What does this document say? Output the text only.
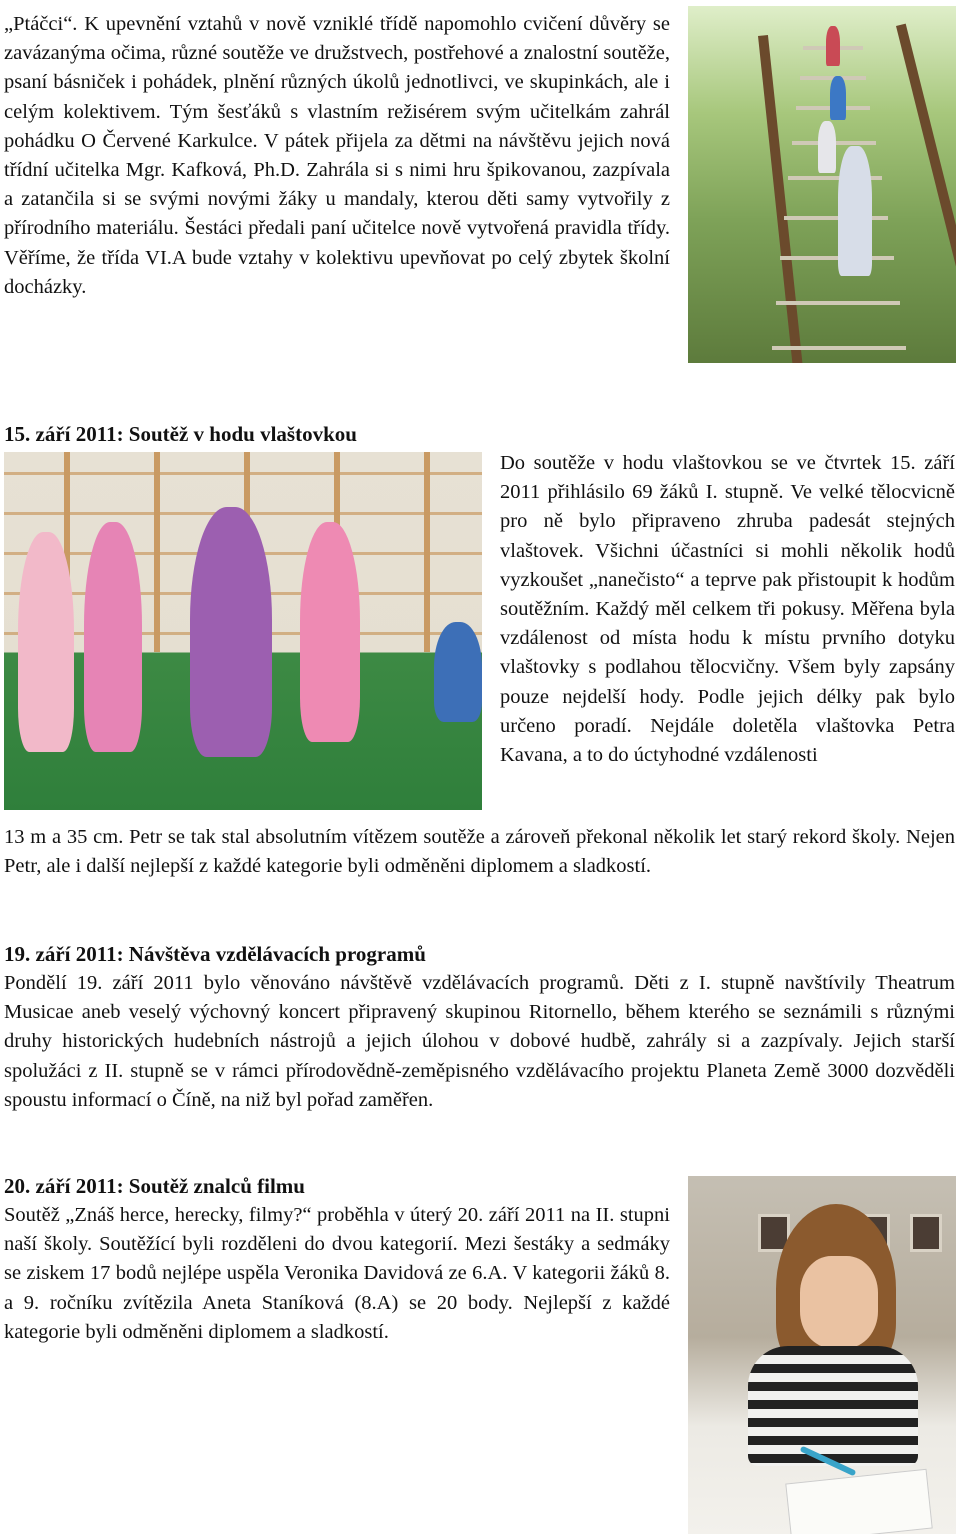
„Ptáčci“. K upevnění vztahů v nově vzniklé třídě napomohlo cvičení důvěry se zavázanýma očima, různé soutěže ve družstvech, postřehové a znalostní soutěže, psaní básniček i pohádek, plnění různých úkolů jednotlivci, ve skupinkách, ale i celým kolektivem. Tým šesťáků s vlastním režisérem svým učitelkám zahrál pohádku O Červené Karkulce. V pátek přijela za dětmi na návštěvu jejich nová třídní učitelka Mgr. Kafková, Ph.D. Zahrála si s nimi hru špikovanou, zazpívala a zatančila si se svými novými žáky u mandaly, kterou děti samy vytvořily z přírodního materiálu. Šestáci předali paní učitelce nově vytvořená pravidla třídy. Věříme, že třída VI.A bude vztahy v kolektivu upevňovat po celý zbytek školní docházky.

15. září 2011: Soutěž v hodu vlaštovkou

Do soutěže v hodu vlaštovkou se ve čtvrtek 15. září 2011 přihlásilo 69 žáků I. stupně. Ve velké tělocvicně pro ně bylo připraveno zhruba padesát stejných vlaštovek. Všichni účastníci si mohli několik hodů vyzkoušet „nanečisto“ a teprve pak přistoupit k hodům soutěžním. Každý měl celkem tři pokusy. Měřena byla vzdálenost od místa hodu k místu prvního dotyku vlaštovky s podlahou tělocvičny. Všem byly zapsány pouze nejdelší hody. Podle jejich délky pak bylo určeno poradí. Nejdále doletěla vlaštovka Petra Kavana, a to do úctyhodné vzdálenosti

13 m a 35 cm. Petr se tak stal absolutním vítězem soutěže a zároveň překonal několik let starý rekord školy. Nejen Petr, ale i další nejlepší z každé kategorie byli odměněni diplomem a sladkostí.

19. září 2011: Návštěva vzdělávacích programů

Pondělí 19. září 2011 bylo věnováno návštěvě vzdělávacích programů. Děti z I. stupně navštívily Theatrum Musicae aneb veselý výchovný koncert připravený skupinou Ritornello, během kterého se seznámili s různými druhy historických hudebních nástrojů a jejich úlohou v dobové hudbě, zahrály si a zazpívaly. Jejich starší spolužáci z II. stupně se v rámci přírodovědně-zeměpisného vzdělávacího projektu Planeta Země 3000 dozvěděli spoustu informací o Číně, na niž byl pořad zaměřen.

20. září 2011: Soutěž znalců filmu

Soutěž „Znáš herce, herecky, filmy?“ proběhla v úterý 20. září 2011 na II. stupni naší školy. Soutěžící byli rozděleni do dvou kategorií. Mezi šestáky a sedmáky se ziskem 17 bodů nejlépe uspěla Veronika Davidová ze 6.A. V kategorii žáků 8. a 9. ročníku zvítězila Aneta Staníková (8.A) se 20 body. Nejlepší z každé kategorie byli odměněni diplomem a sladkostí.
